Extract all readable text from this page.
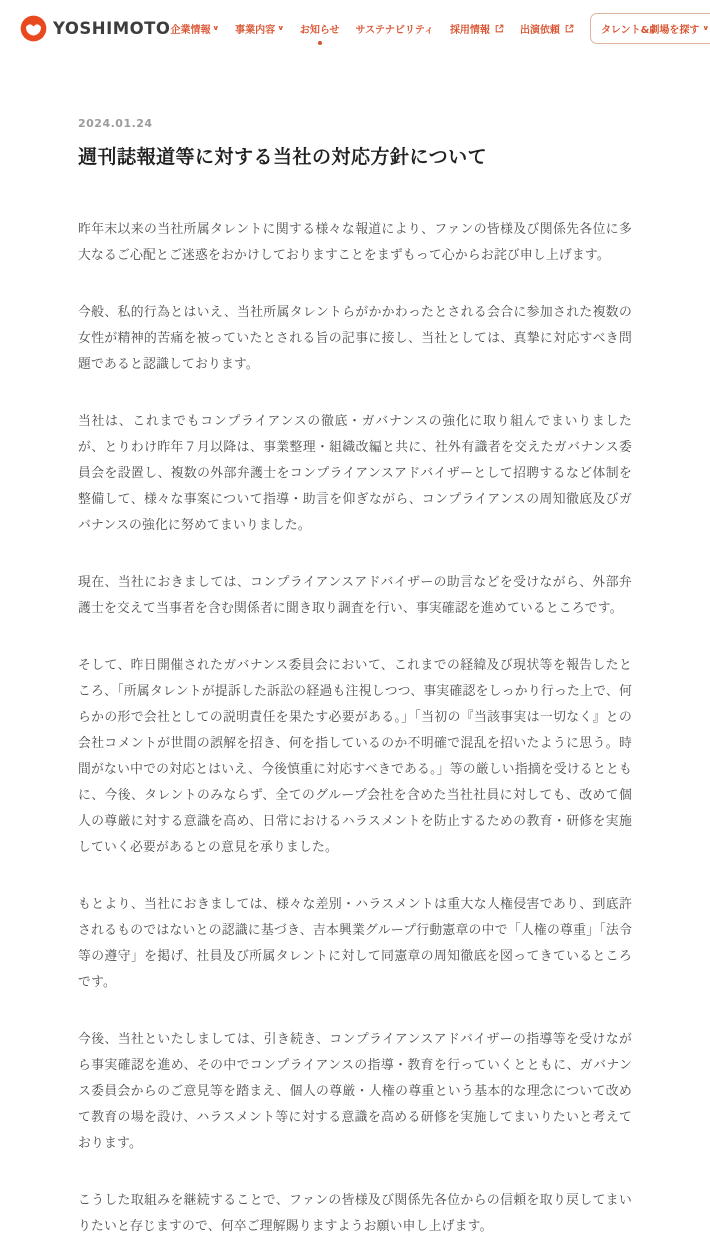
YOSHIMOTO 企業情報 ∨ 事業内容 ∨ お知らせ サステナビリティ 採用情報	出演依頼	タレント&劇場を探す ∨
2024.01.24
週刊誌報道等に対する当社の対応方針について

昨年末以来の当社所属タレントに関する様々な報道により、ファンの皆様及び関係先各位に多大なるご心配とご迷惑をおかけしておりますことをまずもって心からお詫び申し上げます。

今般、私的行為とはいえ、当社所属タレントらがかかわったとされる会合に参加された複数の女性が精神的苦痛を被っていたとされる旨の記事に接し、当社としては、真摯に対応すべき問題であると認識しております。

当社は、これまでもコンプライアンスの徹底・ガバナンスの強化に取り組んでまいりましたが、とりわけ昨年７月以降は、事業整理・組織改編と共に、社外有識者を交えたガバナンス委員会を設置し、複数の外部弁護士をコンプライアンスアドバイザーとして招聘するなど体制を整備して、様々な事案について指導・助言を仰ぎながら、コンプライアンスの周知徹底及びガバナンスの強化に努めてまいりました。

現在、当社におきましては、コンプライアンスアドバイザーの助言などを受けながら、外部弁護士を交えて当事者を含む関係者に聞き取り調査を行い、事実確認を進めているところです。

そして、昨日開催されたガバナンス委員会において、これまでの経緯及び現状等を報告したところ、「所属タレントが提訴した訴訟の経過も注視しつつ、事実確認をしっかり行った上で、何らかの形で会社としての説明責任を果たす必要がある。」「当初の『当該事実は一切なく』との会社コメントが世間の誤解を招き、何を指しているのか不明確で混乱を招いたように思う。時間がない中での対応とはいえ、今後慎重に対応すべきである。」等の厳しい指摘を受けるとともに、今後、タレントのみならず、全てのグループ会社を含めた当社社員に対しても、改めて個人の尊厳に対する意識を高め、日常におけるハラスメントを防止するための教育・研修を実施していく必要があるとの意見を承りました。

もとより、当社におきましては、様々な差別・ハラスメントは重大な人権侵害であり、到底許されるものではないとの認識に基づき、吉本興業グループ行動憲章の中で「人権の尊重」「法令等の遵守」を掲げ、社員及び所属タレントに対して同憲章の周知徹底を図ってきているところです。

今後、当社といたしましては、引き続き、コンプライアンスアドバイザーの指導等を受けながら事実確認を進め、その中でコンプライアンスの指導・教育を行っていくとともに、ガバナンス委員会からのご意見等を踏まえ、個人の尊厳・人権の尊重という基本的な理念について改めて教育の場を設け、ハラスメント等に対する意識を高める研修を実施してまいりたいと考えております。

こうした取組みを継続することで、ファンの皆様及び関係先各位からの信頼を取り戻してまいりたいと存じますので、何卒ご理解賜りますようお願い申し上げます。
